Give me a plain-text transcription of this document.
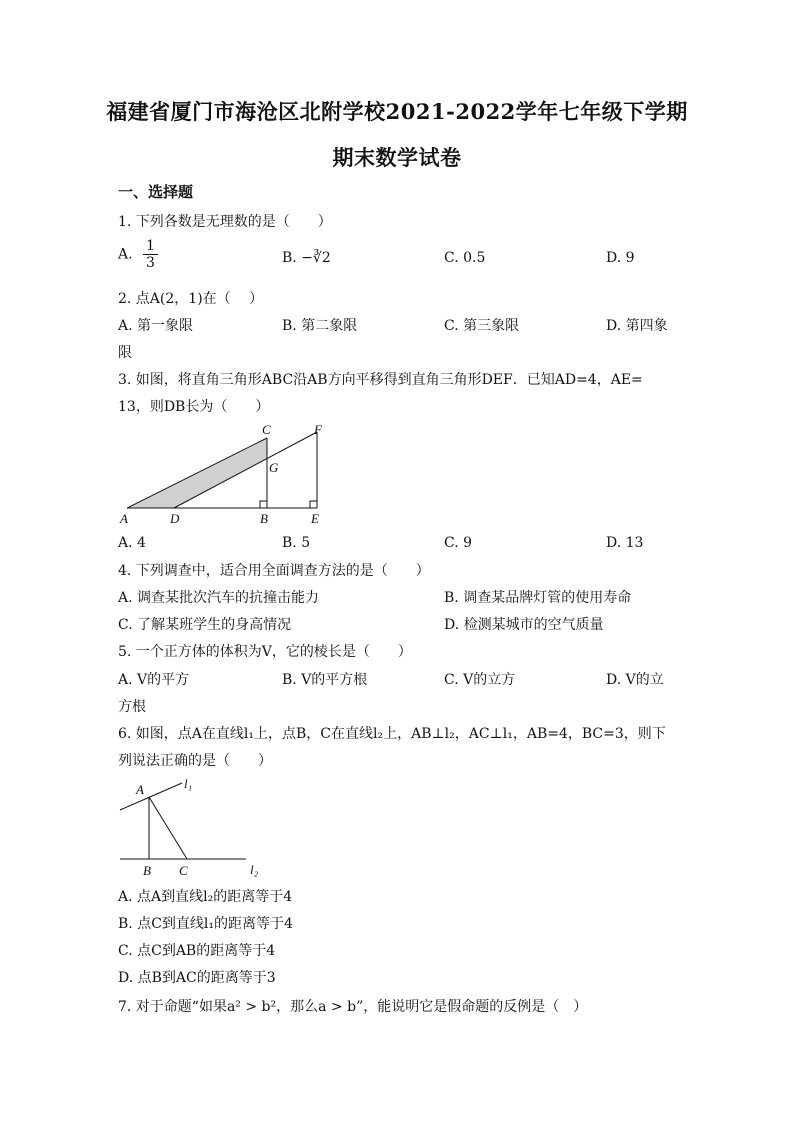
福建省厦门市海沧区北附学校2021-2022学年七年级下学期
期末数学试卷
一、选择题
1. 下列各数是无理数的是（　　）
A. $\frac{1}{3}$	B. −∛2	C. 0.5	D. 9
2. 点A(2，1)在（　 ）
A. 第一象限	B. 第二象限	C. 第三象限	D. 第四象
限
3. 如图，将直角三角形ABC沿AB方向平移得到直角三角形DEF．已知AD=4，AE=
13，则DB长为（　　）
A	D	B	E
C	F
G
A. 4	B. 5	C. 9	D. 13
4. 下列调查中，适合用全面调查方法的是（　　）
A. 调查某批次汽车的抗撞击能力	B. 调查某品牌灯管的使用寿命
C. 了解某班学生的身高情况	D. 检测某城市的空气质量
5. 一个正方体的体积为V，它的棱长是（　　）
A. V的平方	B. V的平方根	C. V的立方	D. V的立
方根
6. 如图，点A在直线l₁上，点B，C在直线l₂上，AB⊥l₂，AC⊥l₁，AB=4，BC=3，则下
列说法正确的是（　　）
A
B C
l₁
l₂
A. 点A到直线l₂的距离等于4
B. 点C到直线l₁的距离等于4
C. 点C到AB的距离等于4
D. 点B到AC的距离等于3
7. 对于命题“如果a² > b²，那么a > b”，能说明它是假命题的反例是（　）
